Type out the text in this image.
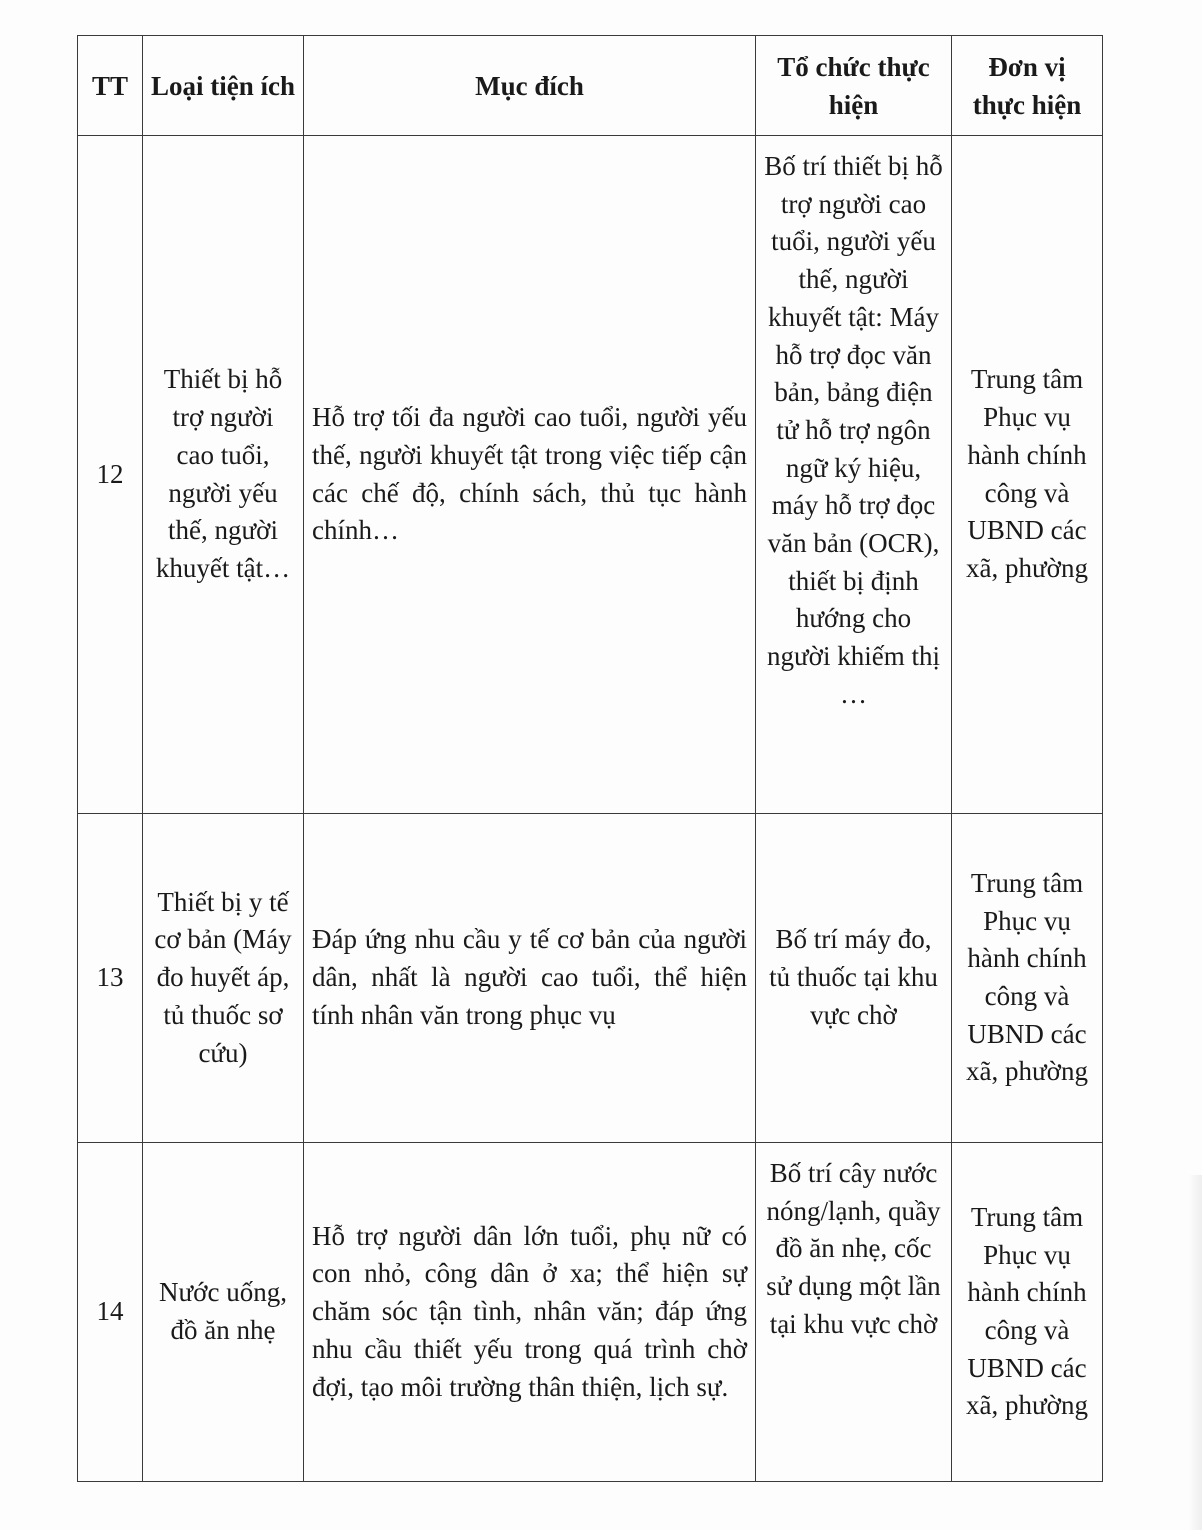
TT	Loại tiện ích	Mục đích	Tổ chức thực hiện	Đơn vị thực hiện
12	Thiết bị hỗ trợ người cao tuổi, người yếu thế, người khuyết tật…	Hỗ trợ tối đa người cao tuổi, người yếu thế, người khuyết tật trong việc tiếp cận các chế độ, chính sách, thủ tục hành chính…	Bố trí thiết bị hỗ trợ người cao tuổi, người yếu thế, người khuyết tật: Máy hỗ trợ đọc văn bản, bảng điện tử hỗ trợ ngôn ngữ ký hiệu, máy hỗ trợ đọc văn bản (OCR), thiết bị định hướng cho người khiếm thị …	Trung tâm Phục vụ hành chính công và UBND các xã, phường
13	Thiết bị y tế cơ bản (Máy đo huyết áp, tủ thuốc sơ cứu)	Đáp ứng nhu cầu y tế cơ bản của người dân, nhất là người cao tuổi, thể hiện tính nhân văn trong phục vụ	Bố trí máy đo, tủ thuốc tại khu vực chờ	Trung tâm Phục vụ hành chính công và UBND các xã, phường
14	Nước uống, đồ ăn nhẹ	Hỗ trợ người dân lớn tuổi, phụ nữ có con nhỏ, công dân ở xa; thể hiện sự chăm sóc tận tình, nhân văn; đáp ứng nhu cầu thiết yếu trong quá trình chờ đợi, tạo môi trường thân thiện, lịch sự.	Bố trí cây nước nóng/lạnh, quầy đồ ăn nhẹ, cốc sử dụng một lần tại khu vực chờ	Trung tâm Phục vụ hành chính công và UBND các xã, phường
